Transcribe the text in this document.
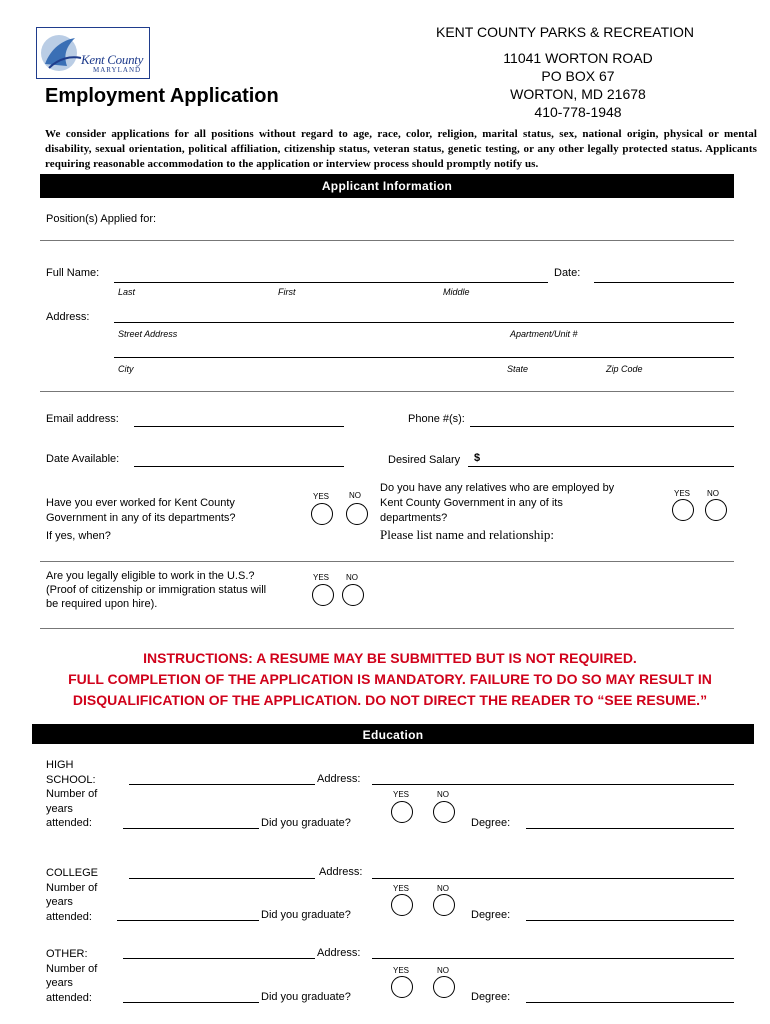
Kent County
MARYLAND
Employment Application
KENT COUNTY PARKS & RECREATION
11041 WORTON ROAD
PO BOX 67
WORTON, MD 21678
410-778-1948
We consider applications for all positions without regard to age, race, color, religion, marital status, sex, national origin, physical or mental disability, sexual orientation, political affiliation, citizenship status, veteran status, genetic testing, or any other legally protected status. Applicants requiring reasonable accommodation to the application or interview process should promptly notify us.
Applicant Information
Position(s) Applied for:
Full Name:	Date:
Last	First	Middle
Address:
Street Address	Apartment/Unit #
City	State	Zip Code
Email address:	Phone #(s):
Date Available:	Desired Salary $
Have you ever worked for Kent County
Government in any of its departments?
If yes, when?
YES NO
Do you have any relatives who are employed by
Kent County Government in any of its
departments?
Please list name and relationship:
YES NO
Are you legally eligible to work in the U.S.?
(Proof of citizenship or immigration status will
be required upon hire).
YES NO
INSTRUCTIONS: A RESUME MAY BE SUBMITTED BUT IS NOT REQUIRED.
FULL COMPLETION OF THE APPLICATION IS MANDATORY. FAILURE TO DO SO MAY RESULT IN
DISQUALIFICATION OF THE APPLICATION. DO NOT DIRECT THE READER TO “SEE RESUME.”
Education
HIGH
SCHOOL:
Number of
years
attended:
Address:
Did you graduate?
YES	NO
Degree:
COLLEGE
Number of
years
attended:
Address:
Did you graduate?
YES	NO
Degree:
OTHER:
Number of
years
attended:
Address:
Did you graduate?
YES	NO
Degree:
